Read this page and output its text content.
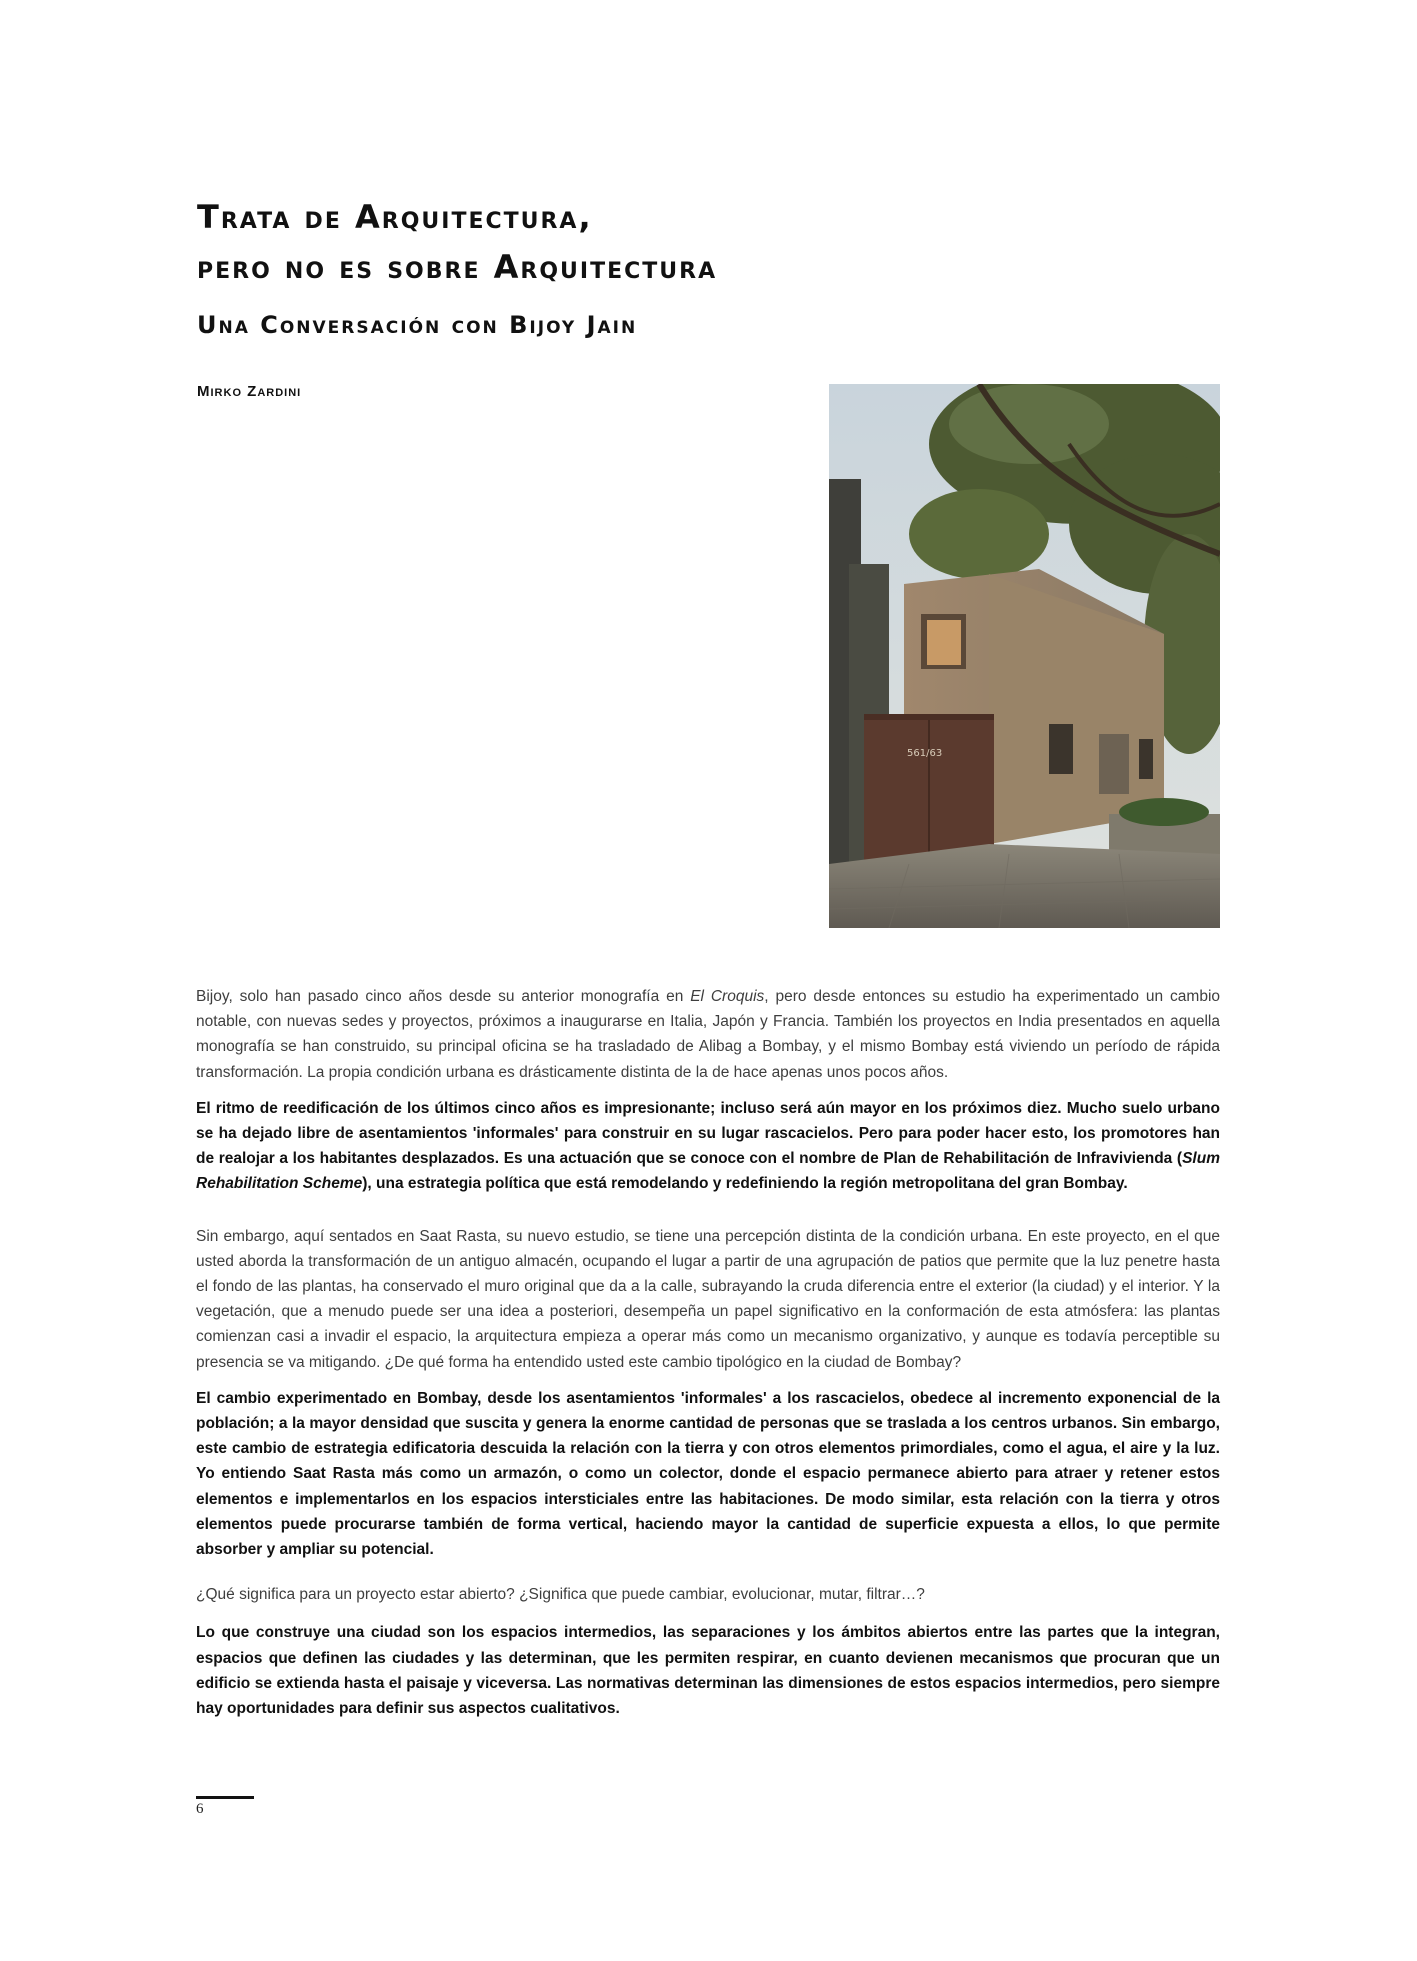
Trata de Arquitectura,
pero no es sobre Arquitectura
Una Conversación con Bijoy Jain
Mirko Zardini
561/63

Bijoy, solo han pasado cinco años desde su anterior monografía en El Croquis, pero desde entonces su estudio ha experimentado un cambio notable, con nuevas sedes y proyectos, próximos a inaugurarse en Italia, Japón y Francia. También los proyectos en India presentados en aquella monografía se han construido, su principal oficina se ha trasladado de Alibag a Bombay, y el mismo Bombay está viviendo un período de rápida transformación. La propia condición urbana es drásticamente distinta de la de hace apenas unos pocos años.

El ritmo de reedificación de los últimos cinco años es impresionante; incluso será aún mayor en los próximos diez. Mucho suelo urbano se ha dejado libre de asentamientos 'informales' para construir en su lugar rascacielos. Pero para poder hacer esto, los promotores han de realojar a los habitantes desplazados. Es una actuación que se conoce con el nombre de Plan de Rehabilitación de Infravivienda (Slum Rehabilitation Scheme), una estrategia política que está remodelando y redefiniendo la región metropolitana del gran Bombay.

Sin embargo, aquí sentados en Saat Rasta, su nuevo estudio, se tiene una percepción distinta de la condición urbana. En este proyecto, en el que usted aborda la transformación de un antiguo almacén, ocupando el lugar a partir de una agrupación de patios que permite que la luz penetre hasta el fondo de las plantas, ha conservado el muro original que da a la calle, subrayando la cruda diferencia entre el exterior (la ciudad) y el interior. Y la vegetación, que a menudo puede ser una idea a posteriori, desempeña un papel significativo en la conformación de esta atmósfera: las plantas comienzan casi a invadir el espacio, la arquitectura empieza a operar más como un mecanismo organizativo, y aunque es todavía perceptible su presencia se va mitigando. ¿De qué forma ha entendido usted este cambio tipológico en la ciudad de Bombay?

El cambio experimentado en Bombay, desde los asentamientos 'informales' a los rascacielos, obedece al incremento exponencial de la población; a la mayor densidad que suscita y genera la enorme cantidad de personas que se traslada a los centros urbanos. Sin embargo, este cambio de estrategia edificatoria descuida la relación con la tierra y con otros elementos primordiales, como el agua, el aire y la luz. Yo entiendo Saat Rasta más como un armazón, o como un colector, donde el espacio permanece abierto para atraer y retener estos elementos e implementarlos en los espacios intersticiales entre las habitaciones. De modo similar, esta relación con la tierra y otros elementos puede procurarse también de forma vertical, haciendo mayor la cantidad de superficie expuesta a ellos, lo que permite absorber y ampliar su potencial.

¿Qué significa para un proyecto estar abierto? ¿Significa que puede cambiar, evolucionar, mutar, filtrar…?

Lo que construye una ciudad son los espacios intermedios, las separaciones y los ámbitos abiertos entre las partes que la integran, espacios que definen las ciudades y las determinan, que les permiten respirar, en cuanto devienen mecanismos que procuran que un edificio se extienda hasta el paisaje y viceversa. Las normativas determinan las dimensiones de estos espacios intermedios, pero siempre hay oportunidades para definir sus aspectos cualitativos.

6
